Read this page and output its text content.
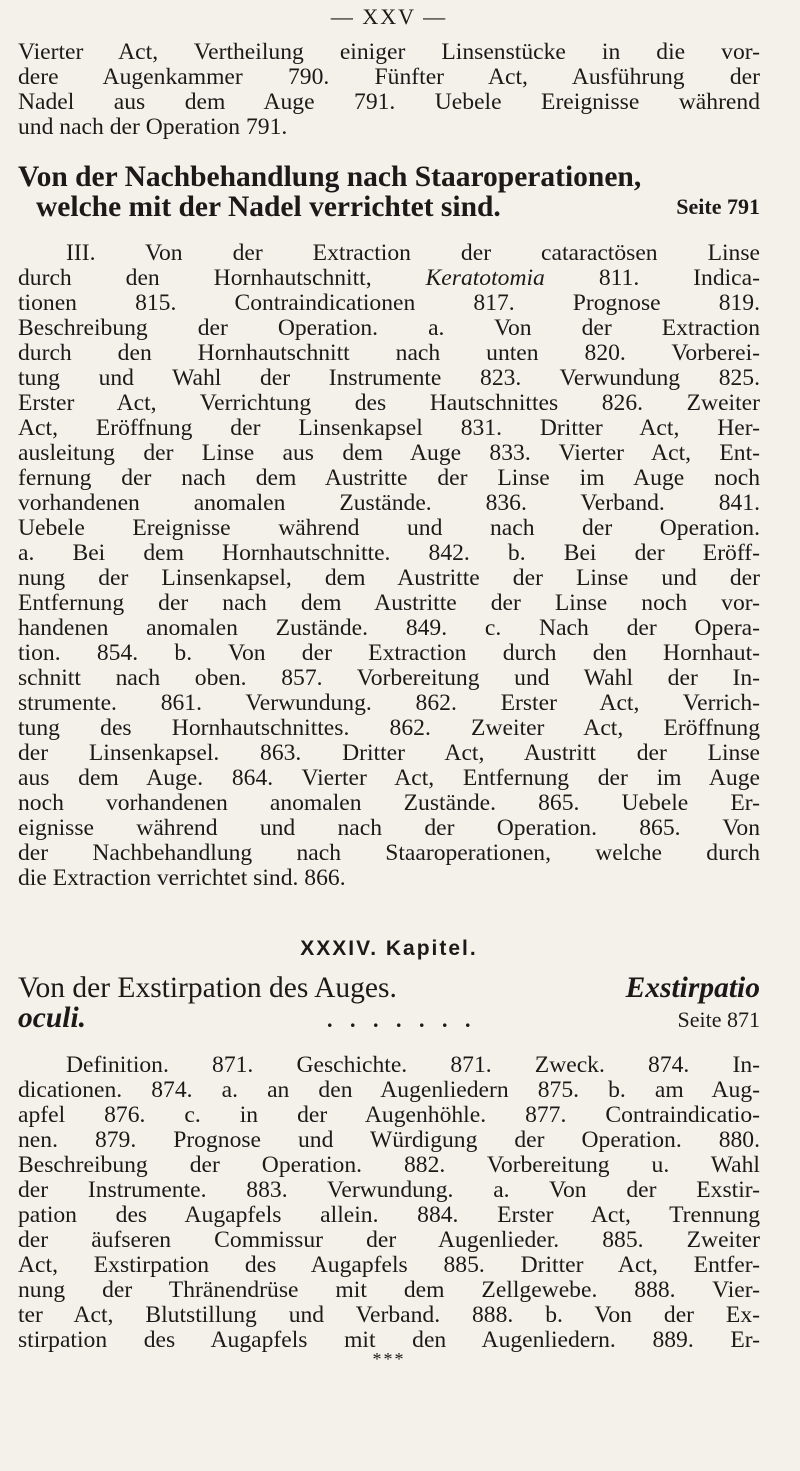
— XXV —

Vierter Act, Vertheilung einiger Linsenstücke in die vor-
dere Augenkammer 790. Fünfter Act, Ausführung der
Nadel aus dem Auge 791. Uebele Ereignisse während
und nach der Operation 791.

Von der Nachbehandlung nach Staaroperationen,
welche mit der Nadel verrichtet sind.	Seite 791

III. Von der Extraction der cataractösen Linse
durch den Hornhautschnitt, Keratotomia 811. Indica-
tionen 815. Contraindicationen 817. Prognose 819.
Beschreibung der Operation. a. Von der Extraction
durch den Hornhautschnitt nach unten 820. Vorberei-
tung und Wahl der Instrumente 823. Verwundung 825.
Erster Act, Verrichtung des Hautschnittes 826. Zweiter
Act, Eröffnung der Linsenkapsel 831. Dritter Act, Her-
ausleitung der Linse aus dem Auge 833. Vierter Act, Ent-
fernung der nach dem Austritte der Linse im Auge noch
vorhandenen anomalen Zustände. 836. Verband. 841.
Uebele Ereignisse während und nach der Operation.
a. Bei dem Hornhautschnitte. 842. b. Bei der Eröff-
nung der Linsenkapsel, dem Austritte der Linse und der
Entfernung der nach dem Austritte der Linse noch vor-
handenen anomalen Zustände. 849. c. Nach der Opera-
tion. 854. b. Von der Extraction durch den Hornhaut-
schnitt nach oben. 857. Vorbereitung und Wahl der In-
strumente. 861. Verwundung. 862. Erster Act, Verrich-
tung des Hornhautschnittes. 862. Zweiter Act, Eröffnung
der Linsenkapsel. 863. Dritter Act, Austritt der Linse
aus dem Auge. 864. Vierter Act, Entfernung der im Auge
noch vorhandenen anomalen Zustände. 865. Uebele Er-
eignisse während und nach der Operation. 865. Von
der Nachbehandlung nach Staaroperationen, welche durch
die Extraction verrichtet sind. 866.

XXXIV. Kapitel.

Von der Exstirpation des Auges.	Exstirpatio
oculi.	. . . . . . .	Seite 871

Definition. 871. Geschichte. 871. Zweck. 874. In-
dicationen. 874. a. an den Augenliedern 875. b. am Aug-
apfel 876. c. in der Augenhöhle. 877. Contraindicatio-
nen. 879. Prognose und Würdigung der Operation. 880.
Beschreibung der Operation. 882. Vorbereitung u. Wahl
der Instrumente. 883. Verwundung. a. Von der Exstir-
pation des Augapfels allein. 884. Erster Act, Trennung
der äufseren Commissur der Augenlieder. 885. Zweiter
Act, Exstirpation des Augapfels 885. Dritter Act, Entfer-
nung der Thränendrüse mit dem Zellgewebe. 888. Vier-
ter Act, Blutstillung und Verband. 888. b. Von der Ex-
stirpation des Augapfels mit den Augenliedern. 889. Er-

***
